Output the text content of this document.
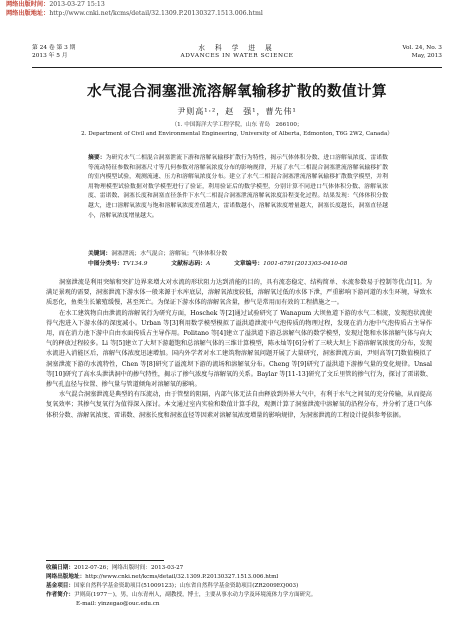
网络出版时间：2013-03-27 15:13
网络出版地址：http://www.cnki.net/kcms/detail/32.1309.P.20130327.1513.006.html
第 24 卷 第 3 期
2013 年 5 月
水 科 学 进 展
ADVANCES IN WATER SCIENCE
Vol. 24, No. 3
May, 2013
水气混合洞塞泄流溶解氧输移扩散的数值计算
尹则高¹·²，赵　强¹，曹先伟¹
（1. 中国海洋大学工程学院，山东 青岛　266100；
2. Department of Civil and Environmental Engineering, University of Alberta, Edmonton, T6G 2W2, Canada）
摘要：为研究水气二相混合洞塞泄流下游和溶解氧输移扩散行为特性，揭示气体体积分数、进口溶解氧浓度、雷诺数等流动特征参数和洞塞尺寸等几何参数对溶解氧浓度分布的影响规律，开展了水气二相混合洞塞泄流溶解氧输移扩散的室内模型试验，观测流速、压力和溶解氧浓度分布。建立了水气二相混合洞塞泄流溶解氧输移扩散数学模型，并利用物理模型试验数据对数学模型进行了验证，利用验证后的数学模型，分别计算不同进口气体体积分数、溶解氧浓度、雷诺数、洞塞长度和洞塞直径条件下水气二相混合洞塞泄流溶解氧浓度沿程变化过程。结果发现：气体体积分数越大，进口溶解氧浓度与饱和溶解氧浓度差值越大，雷诺数越小，溶解氧浓度增量越大，洞塞长度越长，洞塞直径越小，溶解氧浓度增量越大。
关键词：洞塞泄流；水气混合；溶解氧；气体体积分数
中图分类号：TV134.9	文献标志码：A	文章编号：1001-6791(2013)03-0410-08

洞塞泄流是利用突缩和突扩边界来增大对水流的形状阻力达到消能的目的，具有流态稳定、结构简单、水流参数易于控制等优点[1]。为满足景观的需要，洞塞泄流下游水体一般来源于水库底层，溶解氧浓度较低，溶解氧过低的水体下泄，严重影响下游河道的水生环境，导致水质恶化，鱼类生长繁殖缓慢，甚至死亡。为保证下游水体的溶解氧含量，掺气是常用而有效的工程措施之一。

在水工建筑物自由泄流的溶解氧行为研究方面，Hoschek 等[2]通过试验研究了 Wanapum 大坝鱼道下游的水气二相流，发现泡状流使得气泡进入下游水体的深度减小。Urban 等[3]利用数学模型模拟了溢洪道泄流中气泡传质的物理过程，发现在消力池中气泡传质占主导作用，而在消力池下游中自由水面传质占主导作用。Politano 等[4]建立了溢洪道下游总溶解气体的数学模型，发现过饱和水体溶解气体与向大气的释放过程较多。Li 等[5]建立了大坝下游超饱和总溶解气体的三维计算模型，陈永灿等[6]分析了三峡大坝上下游溶解氧浓度的分布，发现水流进入消能区后，溶解气体浓度迅速增加。国内外学者对水工建筑物溶解氧问题开展了大量研究，洞塞泄流方面，尹则高等[7]数值模拟了洞塞泄流下游的水流特性，Chen 等[8]研究了溢流坝下游的流场和溶解氧分布。Cheng 等[9]研究了溢洪道下游掺气量的变化规律。Unsal 等[10]研究了高水头泄洪洞中的掺气特性，揭示了掺气浓度与溶解氧的关系。Baylar 等[11-13]研究了文丘里管的掺气行为，探讨了雷诺数、掺气孔直径与位置、掺气量与管道倾角对溶解氧的影响。

水气混合洞塞泄流是典型的有压流动，由于管壁的阻隔，内部气体无法自由释放到外界大气中，有利于水气之间氧的充分传输，从而提高复氧效率；其掺气复氧行为值得深入探讨。本文通过室内实验和数值计算手段，观测计算了洞塞泄流中溶解氧的沿程分布，并分析了进口气体体积分数、溶解氧浓度、雷诺数、洞塞长度和洞塞直径等因素对溶解氧浓度增量的影响规律，为洞塞泄流的工程设计提供参考依据。

收稿日期：2012-07-26；网络出版时间：2013-03-27
网络出版地址：http://www.cnki.net/kcms/detail/32.1309.P.20130327.1513.006.html
基金项目：国家自然科学基金资助项目(51009123)；山东省自然科学基金资助项目(ZR2009EQ003)
作者简介：尹则高(1977－)，男，山东青州人，副教授，博士，主要从事水动力学及环境流体力学方面研究。
E-mail: yinzegao@ouc.edu.cn
